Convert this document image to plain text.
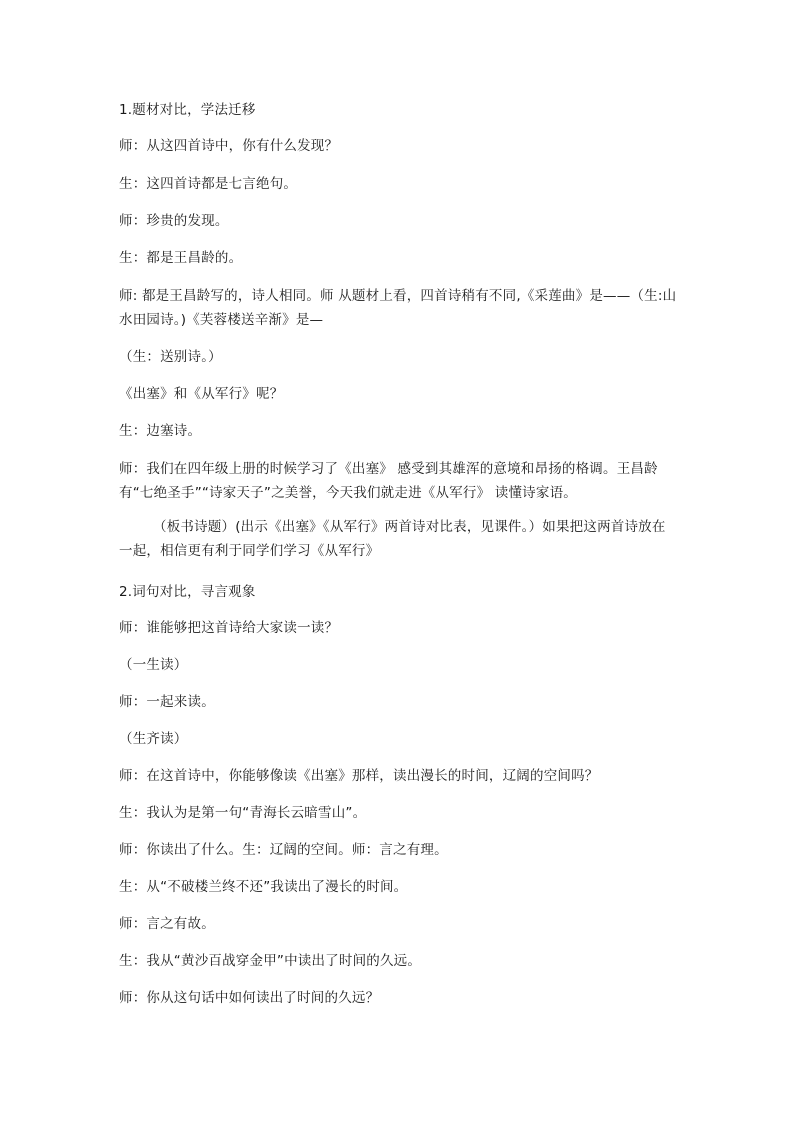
1.题材对比，学法迁移
师：从这四首诗中，你有什么发现？
生：这四首诗都是七言绝句。
师：珍贵的发现。
生：都是王昌龄的。
师: 都是王昌龄写的，诗人相同。师 从题材上看，四首诗稍有不同,《采莲曲》是——（生:山水田园诗。)《芙蓉楼送辛渐》是—
（生：送别诗。）
《出塞》和《从军行》呢？
生：边塞诗。
师：我们在四年级上册的时候学习了《出塞》 感受到其雄浑的意境和昂扬的格调。王昌龄有“七绝圣手”“诗家天子”之美誉，今天我们就走进《从军行》 读懂诗家语。
（板书诗题）(出示《出塞》《从军行》两首诗对比表，见课件。）如果把这两首诗放在一起，相信更有利于同学们学习《从军行》
2.词句对比，寻言观象
师：谁能够把这首诗给大家读一读？
（一生读）
师：一起来读。
（生齐读）
师：在这首诗中，你能够像读《出塞》那样，读出漫长的时间，辽阔的空间吗？
生：我认为是第一句“青海长云暗雪山”。
师：你读出了什么。生：辽阔的空间。师：言之有理。
生：从“不破楼兰终不还”我读出了漫长的时间。
师：言之有故。
生：我从“黄沙百战穿金甲”中读出了时间的久远。
师：你从这句话中如何读出了时间的久远？
